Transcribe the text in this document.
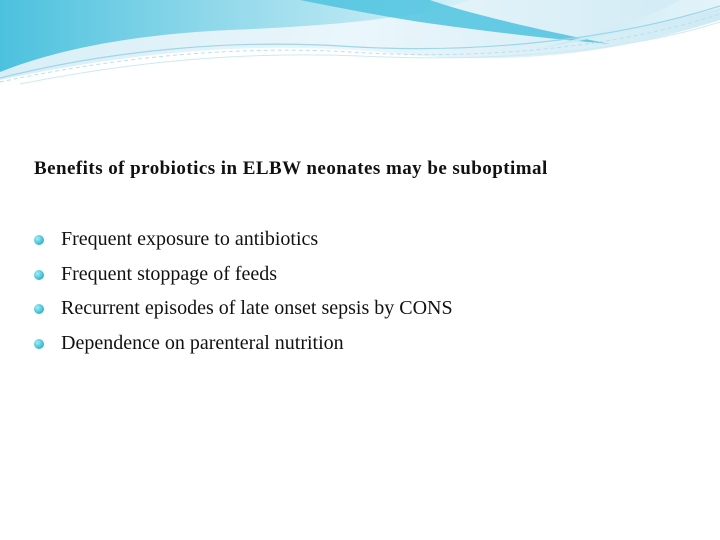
Benefits of probiotics in ELBW neonates may be suboptimal
Frequent exposure to antibiotics
Frequent stoppage of feeds
Recurrent episodes of late onset sepsis by CONS
Dependence on parenteral nutrition
